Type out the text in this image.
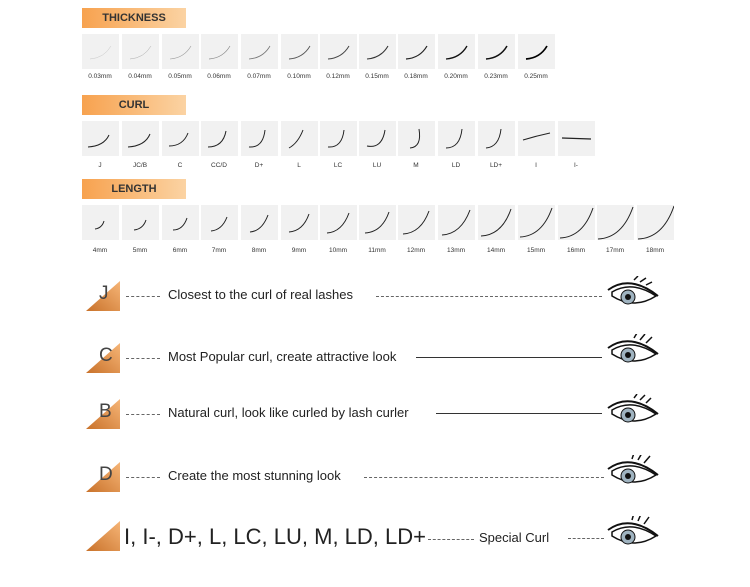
THICKNESS
CURL
LENGTH
0.03mm	0.04mm	0.05mm	0.06mm	0.07mm	0.10mm	0.12mm	0.15mm	0.18mm	0.20mm	0.23mm	0.25mm
J	JC/B	C	CC/D	D+	L	LC	LU	M	LD	LD+	I	I-
4mm	5mm	6mm	7mm	8mm	9mm	10mm	11mm	12mm	13mm	14mm	15mm	16mm	17mm	18mm
J	Closest to the curl of real lashes
C	Most Popular curl, create attractive look
B	Natural curl, look like curled by lash curler
D	Create the most stunning look
I, I-, D+, L, LC, LU, M, LD, LD+	Special Curl
